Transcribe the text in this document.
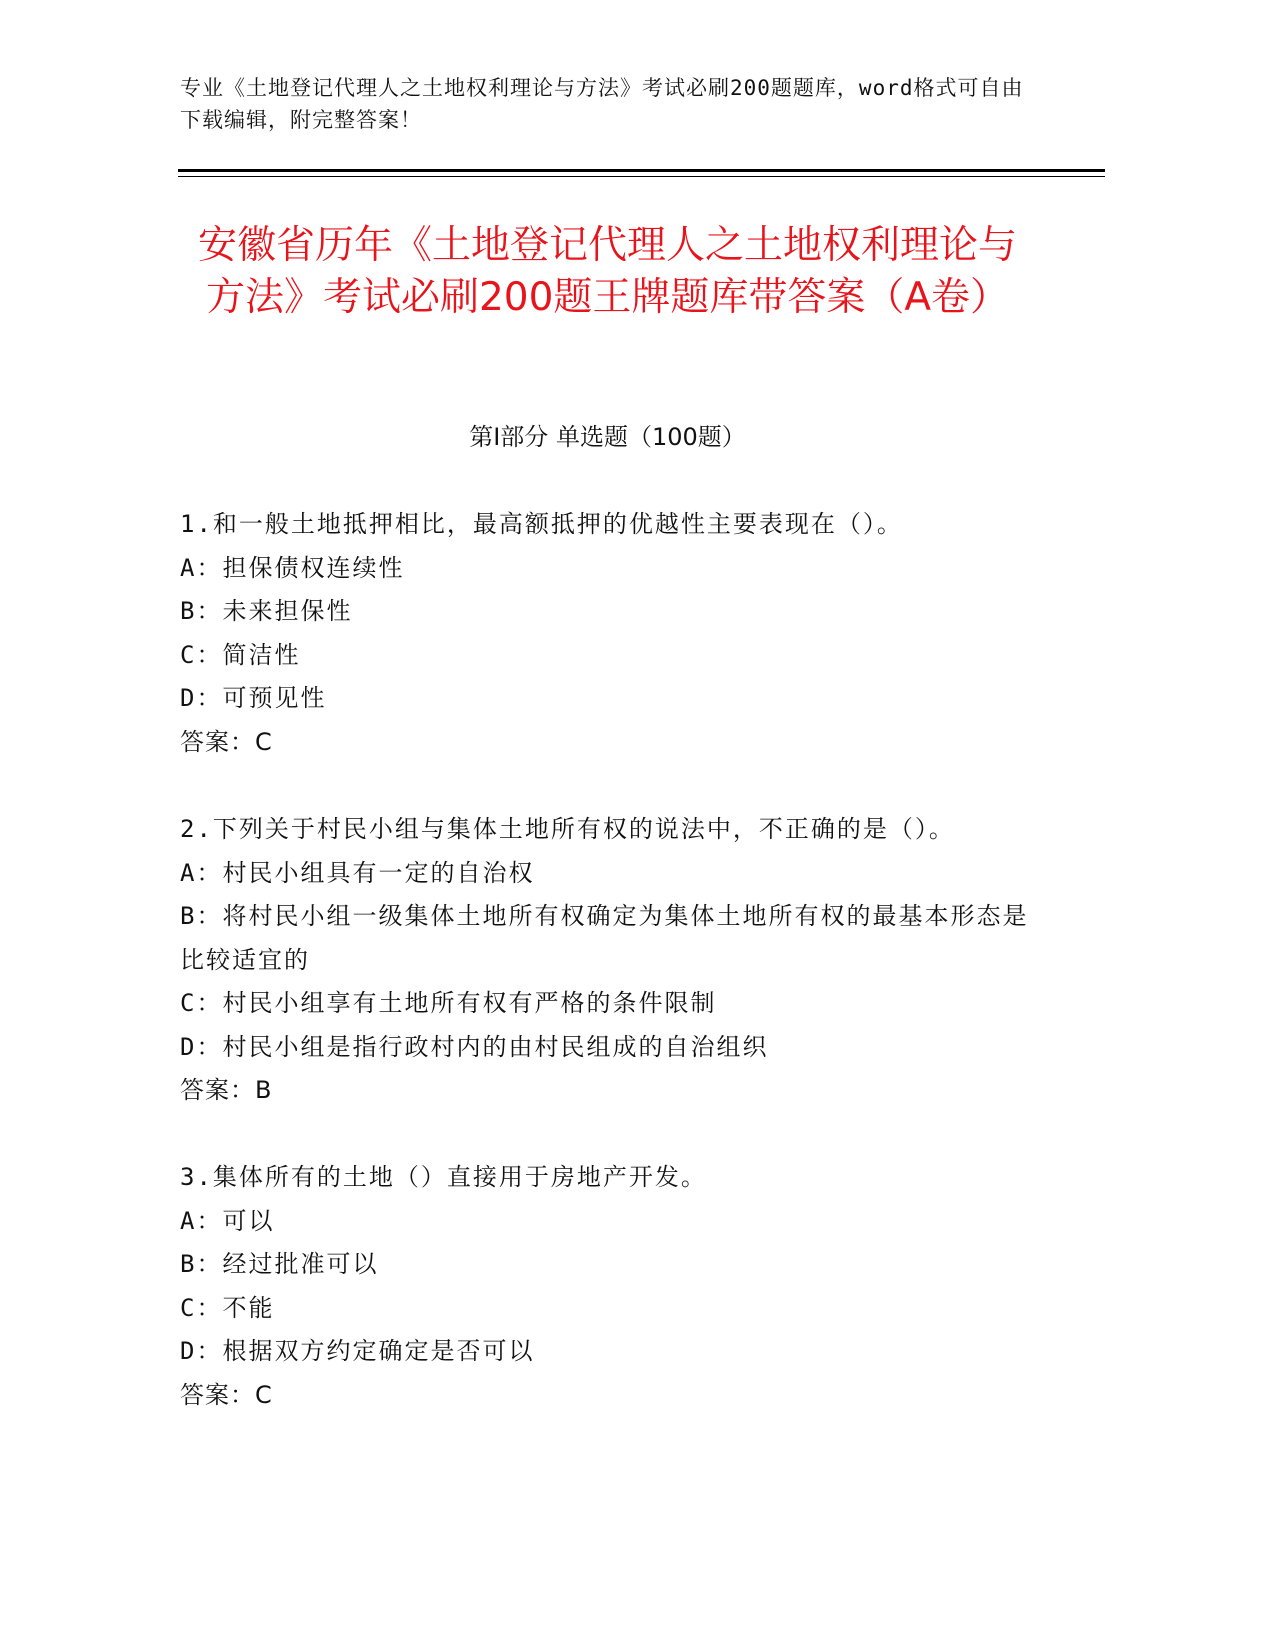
专业《土地登记代理人之土地权利理论与方法》考试必刷200题题库，word格式可自由下载编辑，附完整答案！
安徽省历年《土地登记代理人之土地权利理论与方法》考试必刷200题王牌题库带答案（A卷）
第Ⅰ部分 单选题（100题）
1.和一般土地抵押相比，最高额抵押的优越性主要表现在（）。
A：担保债权连续性
B：未来担保性
C：简洁性
D：可预见性
答案：C
2.下列关于村民小组与集体土地所有权的说法中，不正确的是（）。
A：村民小组具有一定的自治权
B：将村民小组一级集体土地所有权确定为集体土地所有权的最基本形态是比较适宜的
C：村民小组享有土地所有权有严格的条件限制
D：村民小组是指行政村内的由村民组成的自治组织
答案：B
3.集体所有的土地（）直接用于房地产开发。
A：可以
B：经过批准可以
C：不能
D：根据双方约定确定是否可以
答案：C
